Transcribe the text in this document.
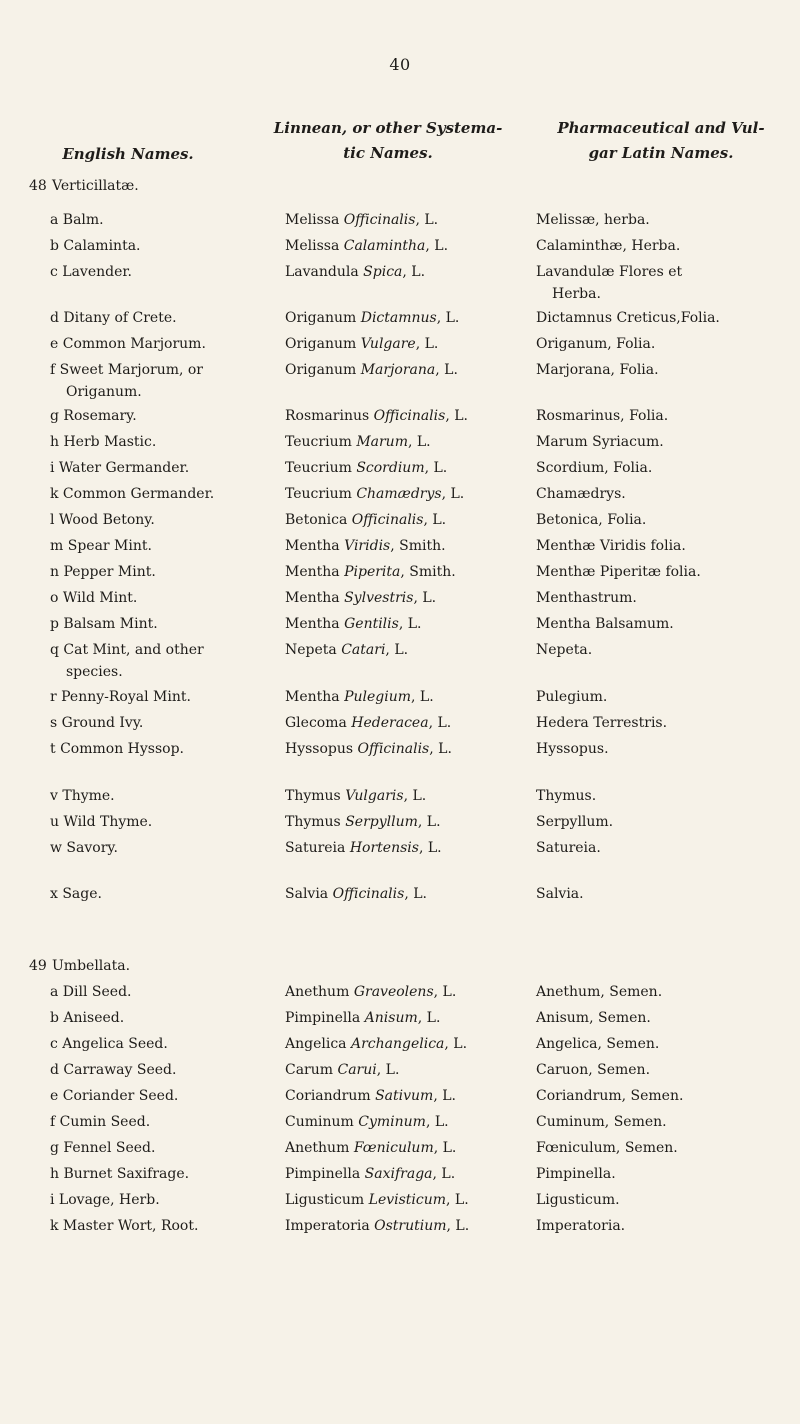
40
English Names.
Linnean, or other Systema-
tic Names.
Pharmaceutical and Vul-
gar Latin Names.
48 Verticillatæ.
a Balm.	Melissa Officinalis, L.	Melissæ, herba.
b Calaminta.	Melissa Calamintha, L.	Calaminthæ, Herba.
c Lavender.	Lavandula Spica, L.	Lavandulæ Flores et
Herba.
d Ditany of Crete.	Origanum Dictamnus, L.	Dictamnus Creticus,Folia.
e Common Marjorum.	Origanum Vulgare, L.	Origanum, Folia.
f Sweet Marjorum, or
Origanum.
Origanum Marjorana, L.	Marjorana, Folia.
g Rosemary.	Rosmarinus Officinalis, L.	Rosmarinus, Folia.
h Herb Mastic.	Teucrium Marum, L.	Marum Syriacum.
i Water Germander.	Teucrium Scordium, L.	Scordium, Folia.
k Common Germander.	Teucrium Chamædrys, L.	Chamædrys.
l Wood Betony.	Betonica Officinalis, L.	Betonica, Folia.
m Spear Mint.	Mentha Viridis, Smith.	Menthæ Viridis folia.
n Pepper Mint.	Mentha Piperita, Smith.	Menthæ Piperitæ folia.
o Wild Mint.	Mentha Sylvestris, L.	Menthastrum.
p Balsam Mint.	Mentha Gentilis, L.	Mentha Balsamum.
q Cat Mint, and other
species.
Nepeta Catari, L.	Nepeta.
r Penny-Royal Mint.	Mentha Pulegium, L.	Pulegium.
s Ground Ivy.	Glecoma Hederacea, L.	Hedera Terrestris.
t Common Hyssop.	Hyssopus Officinalis, L.	Hyssopus.
v Thyme.	Thymus Vulgaris, L.	Thymus.
u Wild Thyme.	Thymus Serpyllum, L.	Serpyllum.
w Savory.	Satureia Hortensis, L.	Satureia.
x Sage.	Salvia Officinalis, L.	Salvia.
49 Umbellata.
a Dill Seed.	Anethum Graveolens, L.	Anethum, Semen.
b Aniseed.	Pimpinella Anisum, L.	Anisum, Semen.
c Angelica Seed.	Angelica Archangelica, L.	Angelica, Semen.
d Carraway Seed.	Carum Carui, L.	Caruon, Semen.
e Coriander Seed.	Coriandrum Sativum, L.	Coriandrum, Semen.
f Cumin Seed.	Cuminum Cyminum, L.	Cuminum, Semen.
g Fennel Seed.	Anethum Fœniculum, L.	Fœniculum, Semen.
h Burnet Saxifrage.	Pimpinella Saxifraga, L.	Pimpinella.
i Lovage, Herb.	Ligusticum Levisticum, L.	Ligusticum.
k Master Wort, Root.	Imperatoria Ostrutium, L.	Imperatoria.
